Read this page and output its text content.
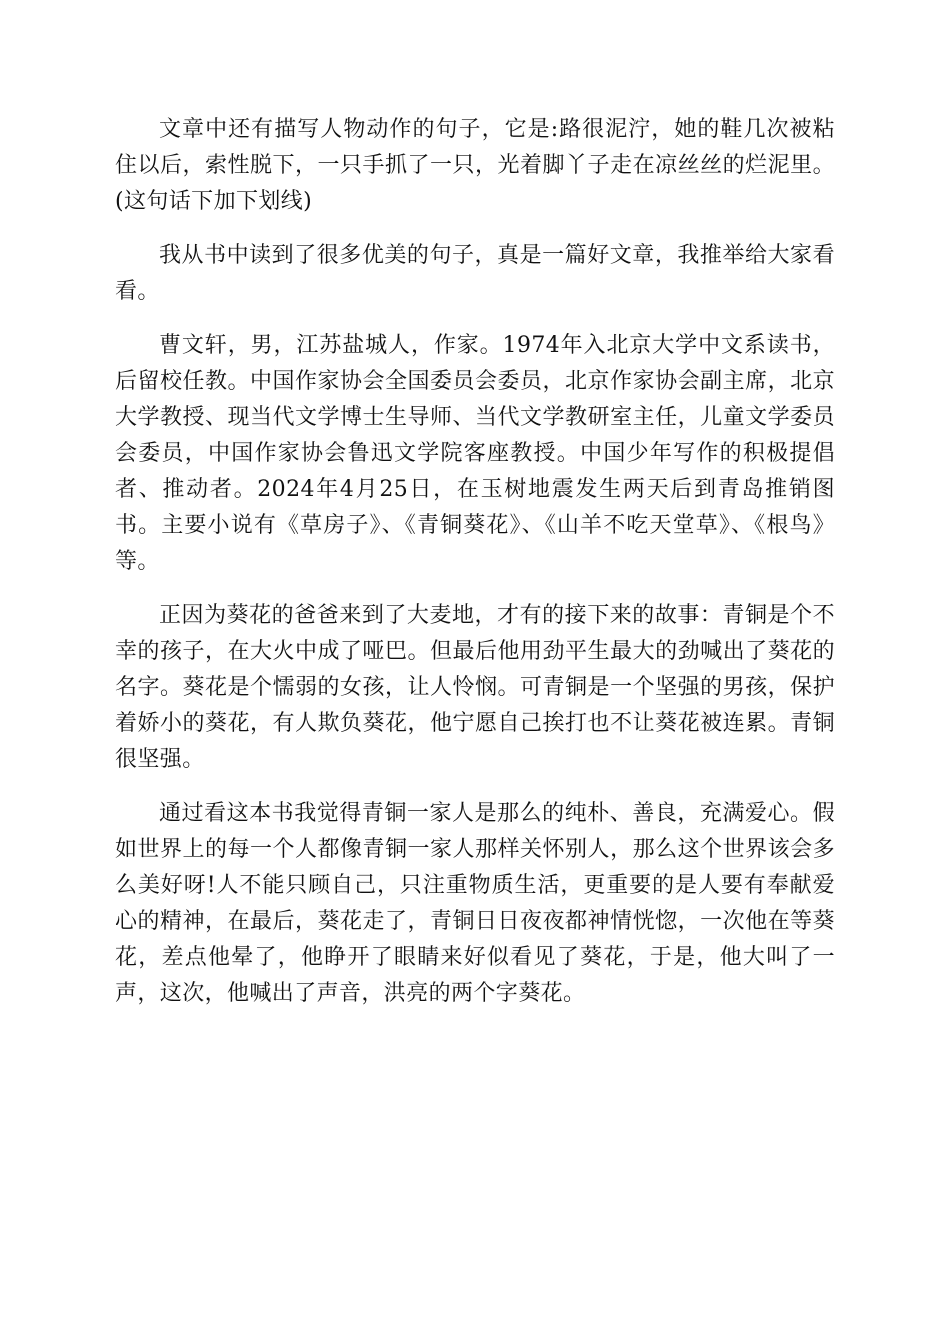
文章中还有描写人物动作的句子，它是:路很泥泞，她的鞋几次被粘住以后，索性脱下，一只手抓了一只，光着脚丫子走在凉丝丝的烂泥里。(这句话下加下划线)

我从书中读到了很多优美的句子，真是一篇好文章，我推举给大家看看。

曹文轩，男，江苏盐城人，作家。1974年入北京大学中文系读书，后留校任教。中国作家协会全国委员会委员，北京作家协会副主席，北京大学教授、现当代文学博士生导师、当代文学教研室主任，儿童文学委员会委员，中国作家协会鲁迅文学院客座教授。中国少年写作的积极提倡者、推动者。2024年4月25日，在玉树地震发生两天后到青岛推销图书。主要小说有《草房子》、《青铜葵花》、《山羊不吃天堂草》、《根鸟》等。

正因为葵花的爸爸来到了大麦地，才有的接下来的故事：青铜是个不幸的孩子，在大火中成了哑巴。但最后他用劲平生最大的劲喊出了葵花的名字。葵花是个懦弱的女孩，让人怜悯。可青铜是一个坚强的男孩，保护着娇小的葵花，有人欺负葵花，他宁愿自己挨打也不让葵花被连累。青铜很坚强。

通过看这本书我觉得青铜一家人是那么的纯朴、善良，充满爱心。假如世界上的每一个人都像青铜一家人那样关怀别人，那么这个世界该会多么美好呀!人不能只顾自己，只注重物质生活，更重要的是人要有奉献爱心的精神，在最后，葵花走了，青铜日日夜夜都神情恍惚，一次他在等葵花，差点他晕了，他睁开了眼睛来好似看见了葵花，于是，他大叫了一声，这次，他喊出了声音，洪亮的两个字葵花。
